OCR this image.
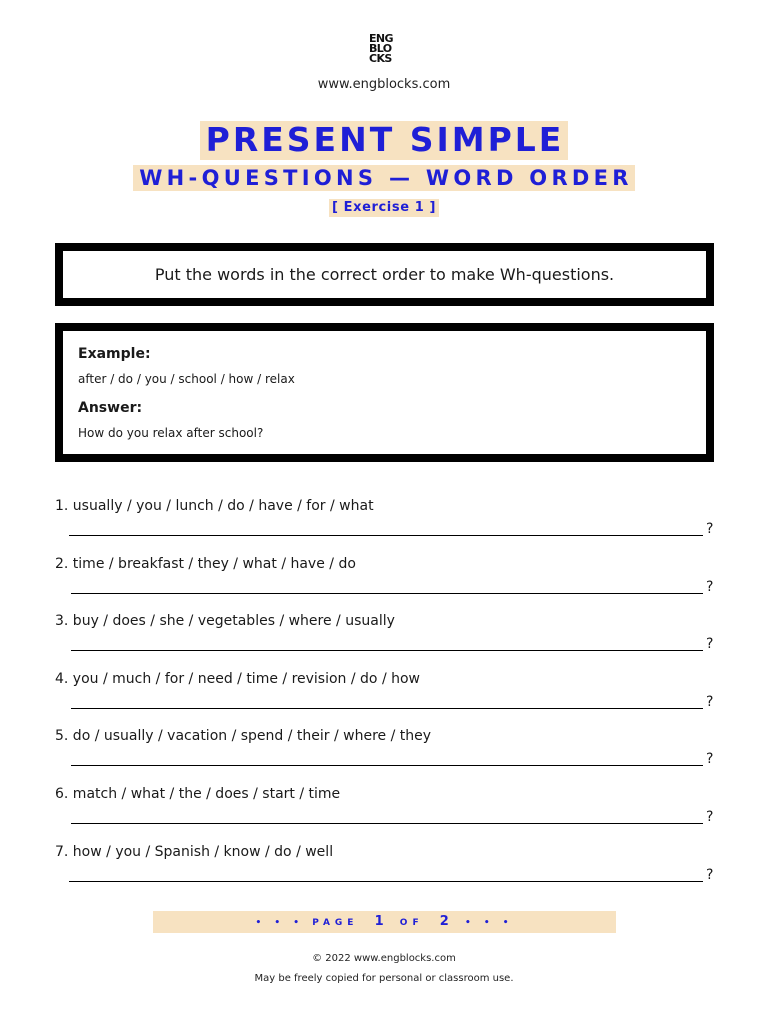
ENG
BLO
CKS
www.engblocks.com
PRESENT SIMPLE
WH-QUESTIONS — WORD ORDER
[ Exercise 1 ]

Put the words in the correct order to make Wh-questions.

Example:

after / do / you / school / how / relax

Answer:

How do you relax after school?

1. usually / you / lunch / do / have / for / what
?
2. time / breakfast / they / what / have / do
?
3. buy / does / she / vegetables / where / usually
?
4. you / much / for / need / time / revision / do / how
?
5. do / usually / vacation / spend / their / where / they
?
6. match / what / the / does / start / time
?
7. how / you / Spanish / know / do / well
?
• • • PAGE 1 OF 2 • • •
© 2022 www.engblocks.com
May be freely copied for personal or classroom use.
